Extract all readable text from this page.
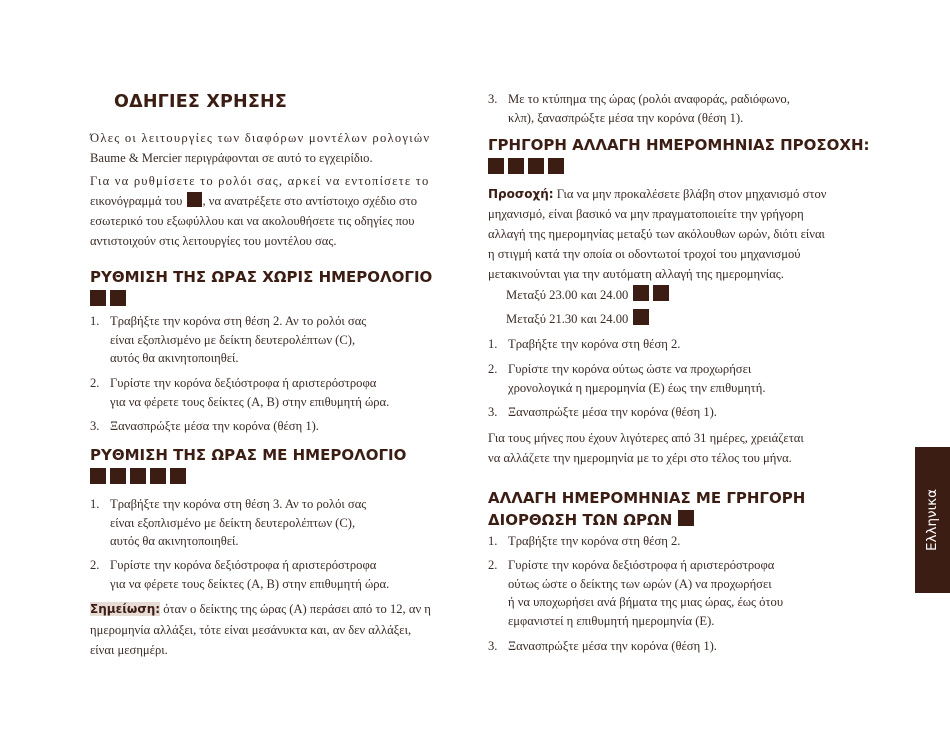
ΟΔΗΓΙΕΣ ΧΡΗΣΗΣ

Όλες οι λειτουργίες των διαφόρων μοντέλων ρολογιών
Baume & Mercier περιγράφονται σε αυτό το εγχειρίδιο.

Για να ρυθμίσετε το ρολόι σας, αρκεί να εντοπίσετε το
εικονόγραμμά του , να ανατρέξετε στο αντίστοιχο σχέδιο στο
εσωτερικό του εξωφύλλου και να ακολουθήσετε τις οδηγίες που
αντιστοιχούν στις λειτουργίες του μοντέλου σας.

ΡΥΘΜΙΣΗ ΤΗΣ ΩΡΑΣ ΧΩΡΙΣ ΗΜΕΡΟΛΟΓΙΟ
1. Τραβήξτε την κορόνα στη θέση 2. Αν το ρολόι σας
είναι εξοπλισμένο με δείκτη δευτερολέπτων (C),
αυτός θα ακινητοποιηθεί.
2. Γυρίστε την κορόνα δεξιόστροφα ή αριστερόστροφα
για να φέρετε τους δείκτες (A, B) στην επιθυμητή ώρα.
3. Ξανασπρώξτε μέσα την κορόνα (θέση 1).
ΡΥΘΜΙΣΗ ΤΗΣ ΩΡΑΣ ΜΕ ΗΜΕΡΟΛΟΓΙΟ
1. Τραβήξτε την κορόνα στη θέση 3. Αν το ρολόι σας
είναι εξοπλισμένο με δείκτη δευτερολέπτων (C),
αυτός θα ακινητοποιηθεί.
2. Γυρίστε την κορόνα δεξιόστροφα ή αριστερόστροφα
για να φέρετε τους δείκτες (A, B) στην επιθυμητή ώρα.

Σημείωση: όταν ο δείκτης της ώρας (A) περάσει από το 12, αν η
ημερομηνία αλλάξει, τότε είναι μεσάνυκτα και, αν δεν αλλάξει,
είναι μεσημέρι.

3. Με το κτύπημα της ώρας (ρολόι αναφοράς, ραδιόφωνο,
κλπ), ξανασπρώξτε μέσα την κορόνα (θέση 1).
ΓΡΗΓΟΡΗ ΑΛΛΑΓΗ ΗΜΕΡΟΜΗΝΙΑΣ ΠΡΟΣΟΧΗ:

Προσοχή: Για να μην προκαλέσετε βλάβη στον μηχανισμό στον
μηχανισμό, είναι βασικό να μην πραγματοποιείτε την γρήγορη
αλλαγή της ημερομηνίας μεταξύ των ακόλουθων ωρών, διότι είναι
η στιγμή κατά την οποία οι οδοντωτοί τροχοί του μηχανισμού
μετακινούνται για την αυτόματη αλλαγή της ημερομηνίας.

Μεταξύ 23.00 και 24.00
Μεταξύ 21.30 και 24.00
1. Τραβήξτε την κορόνα στη θέση 2.
2. Γυρίστε την κορόνα ούτως ώστε να προχωρήσει
χρονολογικά η ημερομηνία (E) έως την επιθυμητή.
3. Ξανασπρώξτε μέσα την κορόνα (θέση 1).

Για τους μήνες που έχουν λιγότερες από 31 ημέρες, χρειάζεται
να αλλάζετε την ημερομηνία με το χέρι στο τέλος του μήνα.

ΑΛΛΑΓΗ ΗΜΕΡΟΜΗΝΙΑΣ ΜΕ ΓΡΗΓΟΡΗ
ΔΙΟΡΘΩΣΗ ΤΩΝ ΩΡΩΝ
1. Τραβήξτε την κορόνα στη θέση 2.
2. Γυρίστε την κορόνα δεξιόστροφα ή αριστερόστροφα
ούτως ώστε ο δείκτης των ωρών (A) να προχωρήσει
ή να υποχωρήσει ανά βήματα της μιας ώρας, έως ότου
εμφανιστεί η επιθυμητή ημερομηνία (E).
3. Ξανασπρώξτε μέσα την κορόνα (θέση 1).
Ελληνικα
